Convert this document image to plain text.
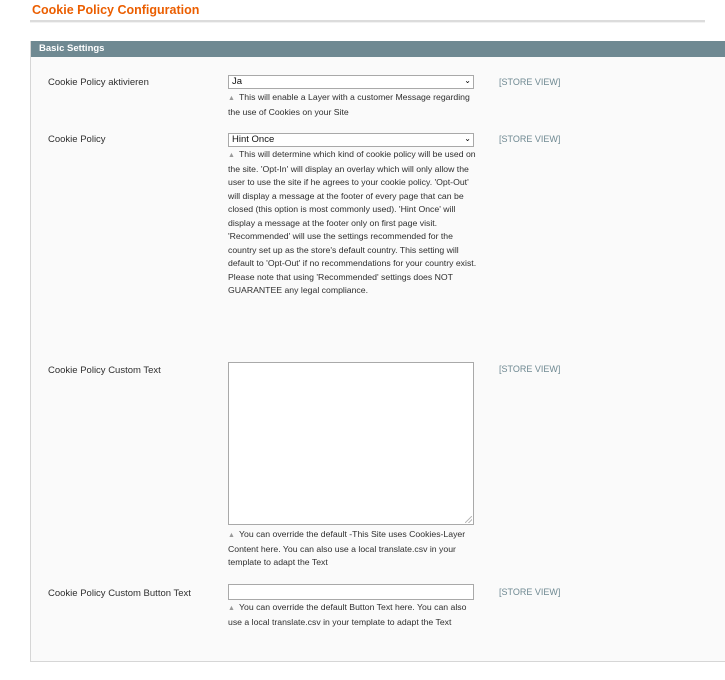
Cookie Policy Configuration
Basic Settings
Cookie Policy aktivieren	Ja	⌄	[STORE VIEW]
▲ This will enable a Layer with a customer Message regarding the use of Cookies on your Site
Cookie Policy	Hint Once	⌄	[STORE VIEW]
▲ This will determine which kind of cookie policy will be used on the site. 'Opt-In' will display an overlay which will only allow the user to use the site if he agrees to your cookie policy. 'Opt-Out' will display a message at the footer of every page that can be closed (this option is most commonly used). 'Hint Once' will display a message at the footer only on first page visit. 'Recommended' will use the settings recommended for the country set up as the store's default country. This setting will default to 'Opt-Out' if no recommendations for your country exist. Please note that using 'Recommended' settings does NOT GUARANTEE any legal compliance.
Cookie Policy Custom Text	[STORE VIEW]
▲ You can override the default -This Site uses Cookies-Layer Content here. You can also use a local translate.csv in your template to adapt the Text
Cookie Policy Custom Button Text	[STORE VIEW]
▲ You can override the default Button Text here. You can also use a local translate.csv in your template to adapt the Text
